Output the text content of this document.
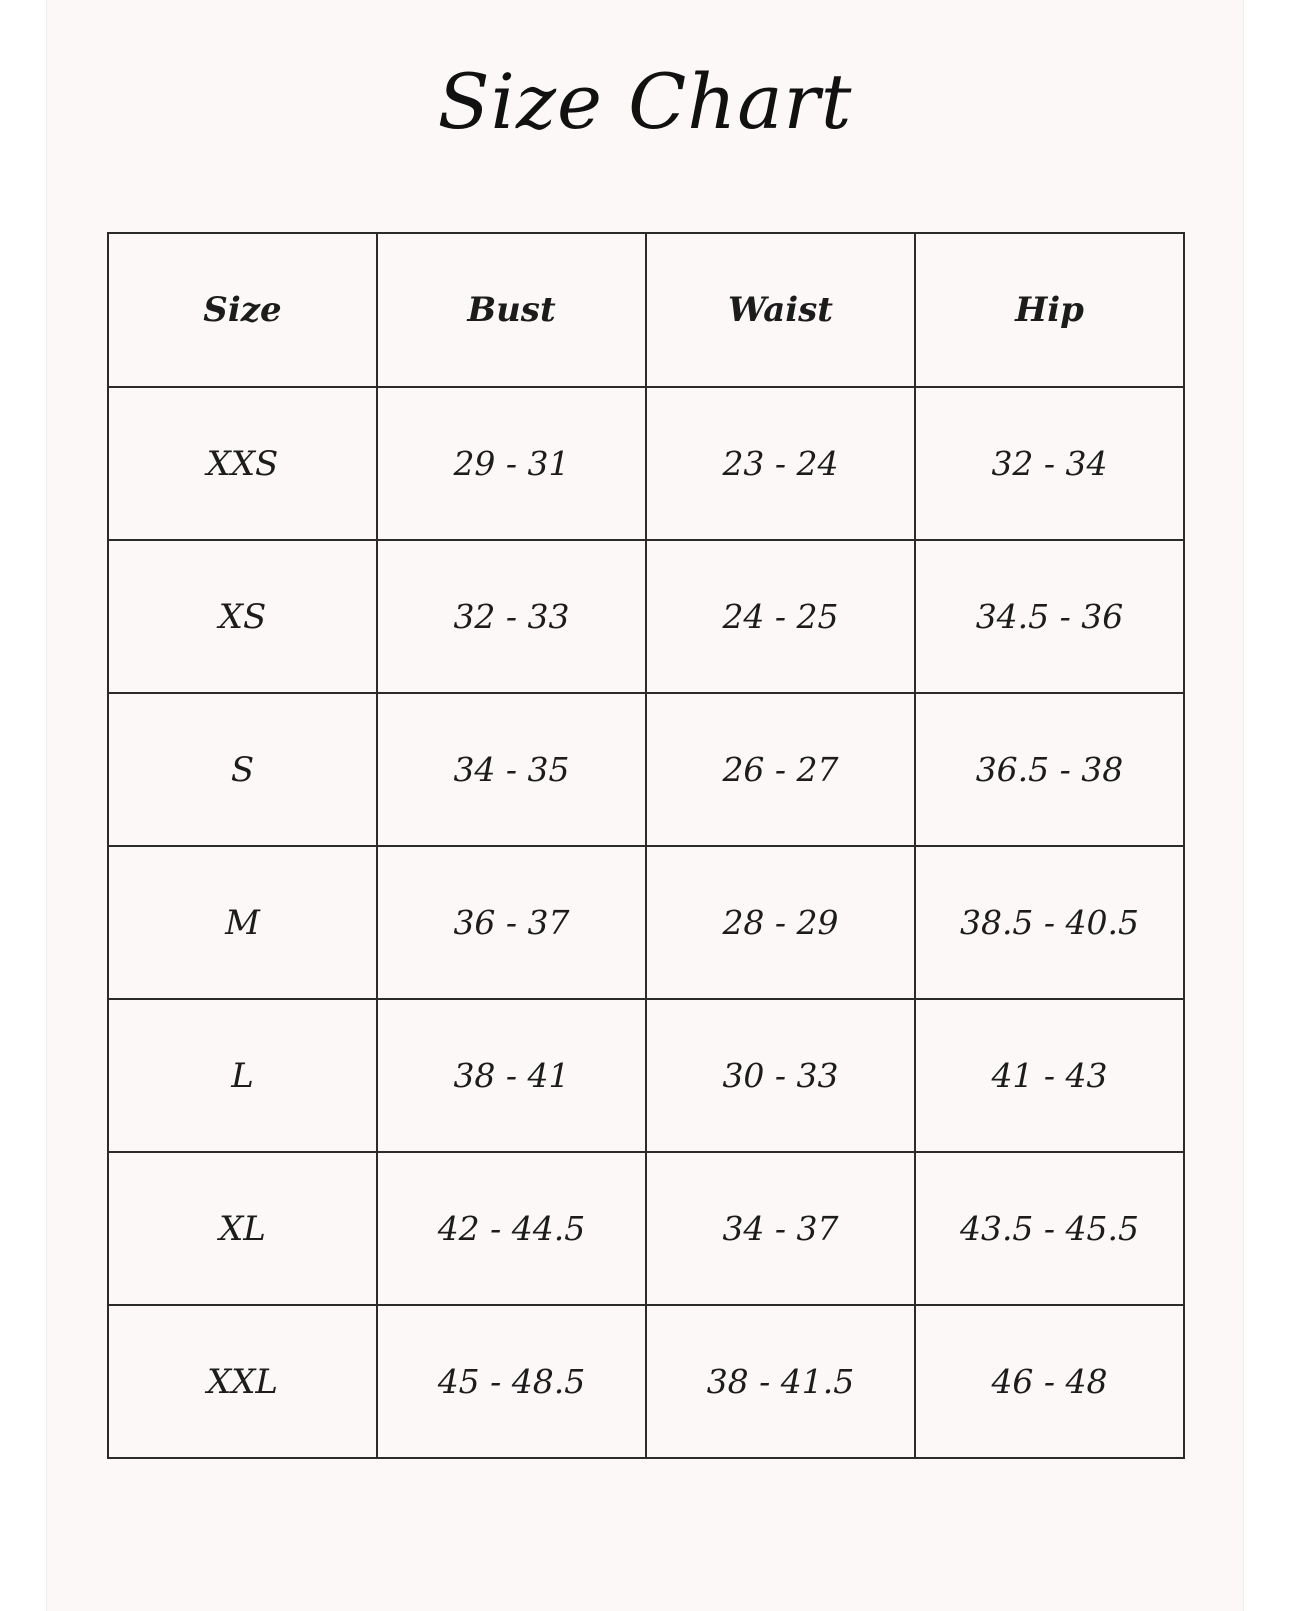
Size Chart
Size	Bust	Waist	Hip
XXS	29 - 31	23 - 24	32 - 34
XS	32 - 33	24 - 25	34.5 - 36
S	34 - 35	26 - 27	36.5 - 38
M	36 - 37	28 - 29	38.5 - 40.5
L	38 - 41	30 - 33	41 - 43
XL	42 - 44.5	34 - 37	43.5 - 45.5
XXL	45 - 48.5	38 - 41.5	46 - 48
